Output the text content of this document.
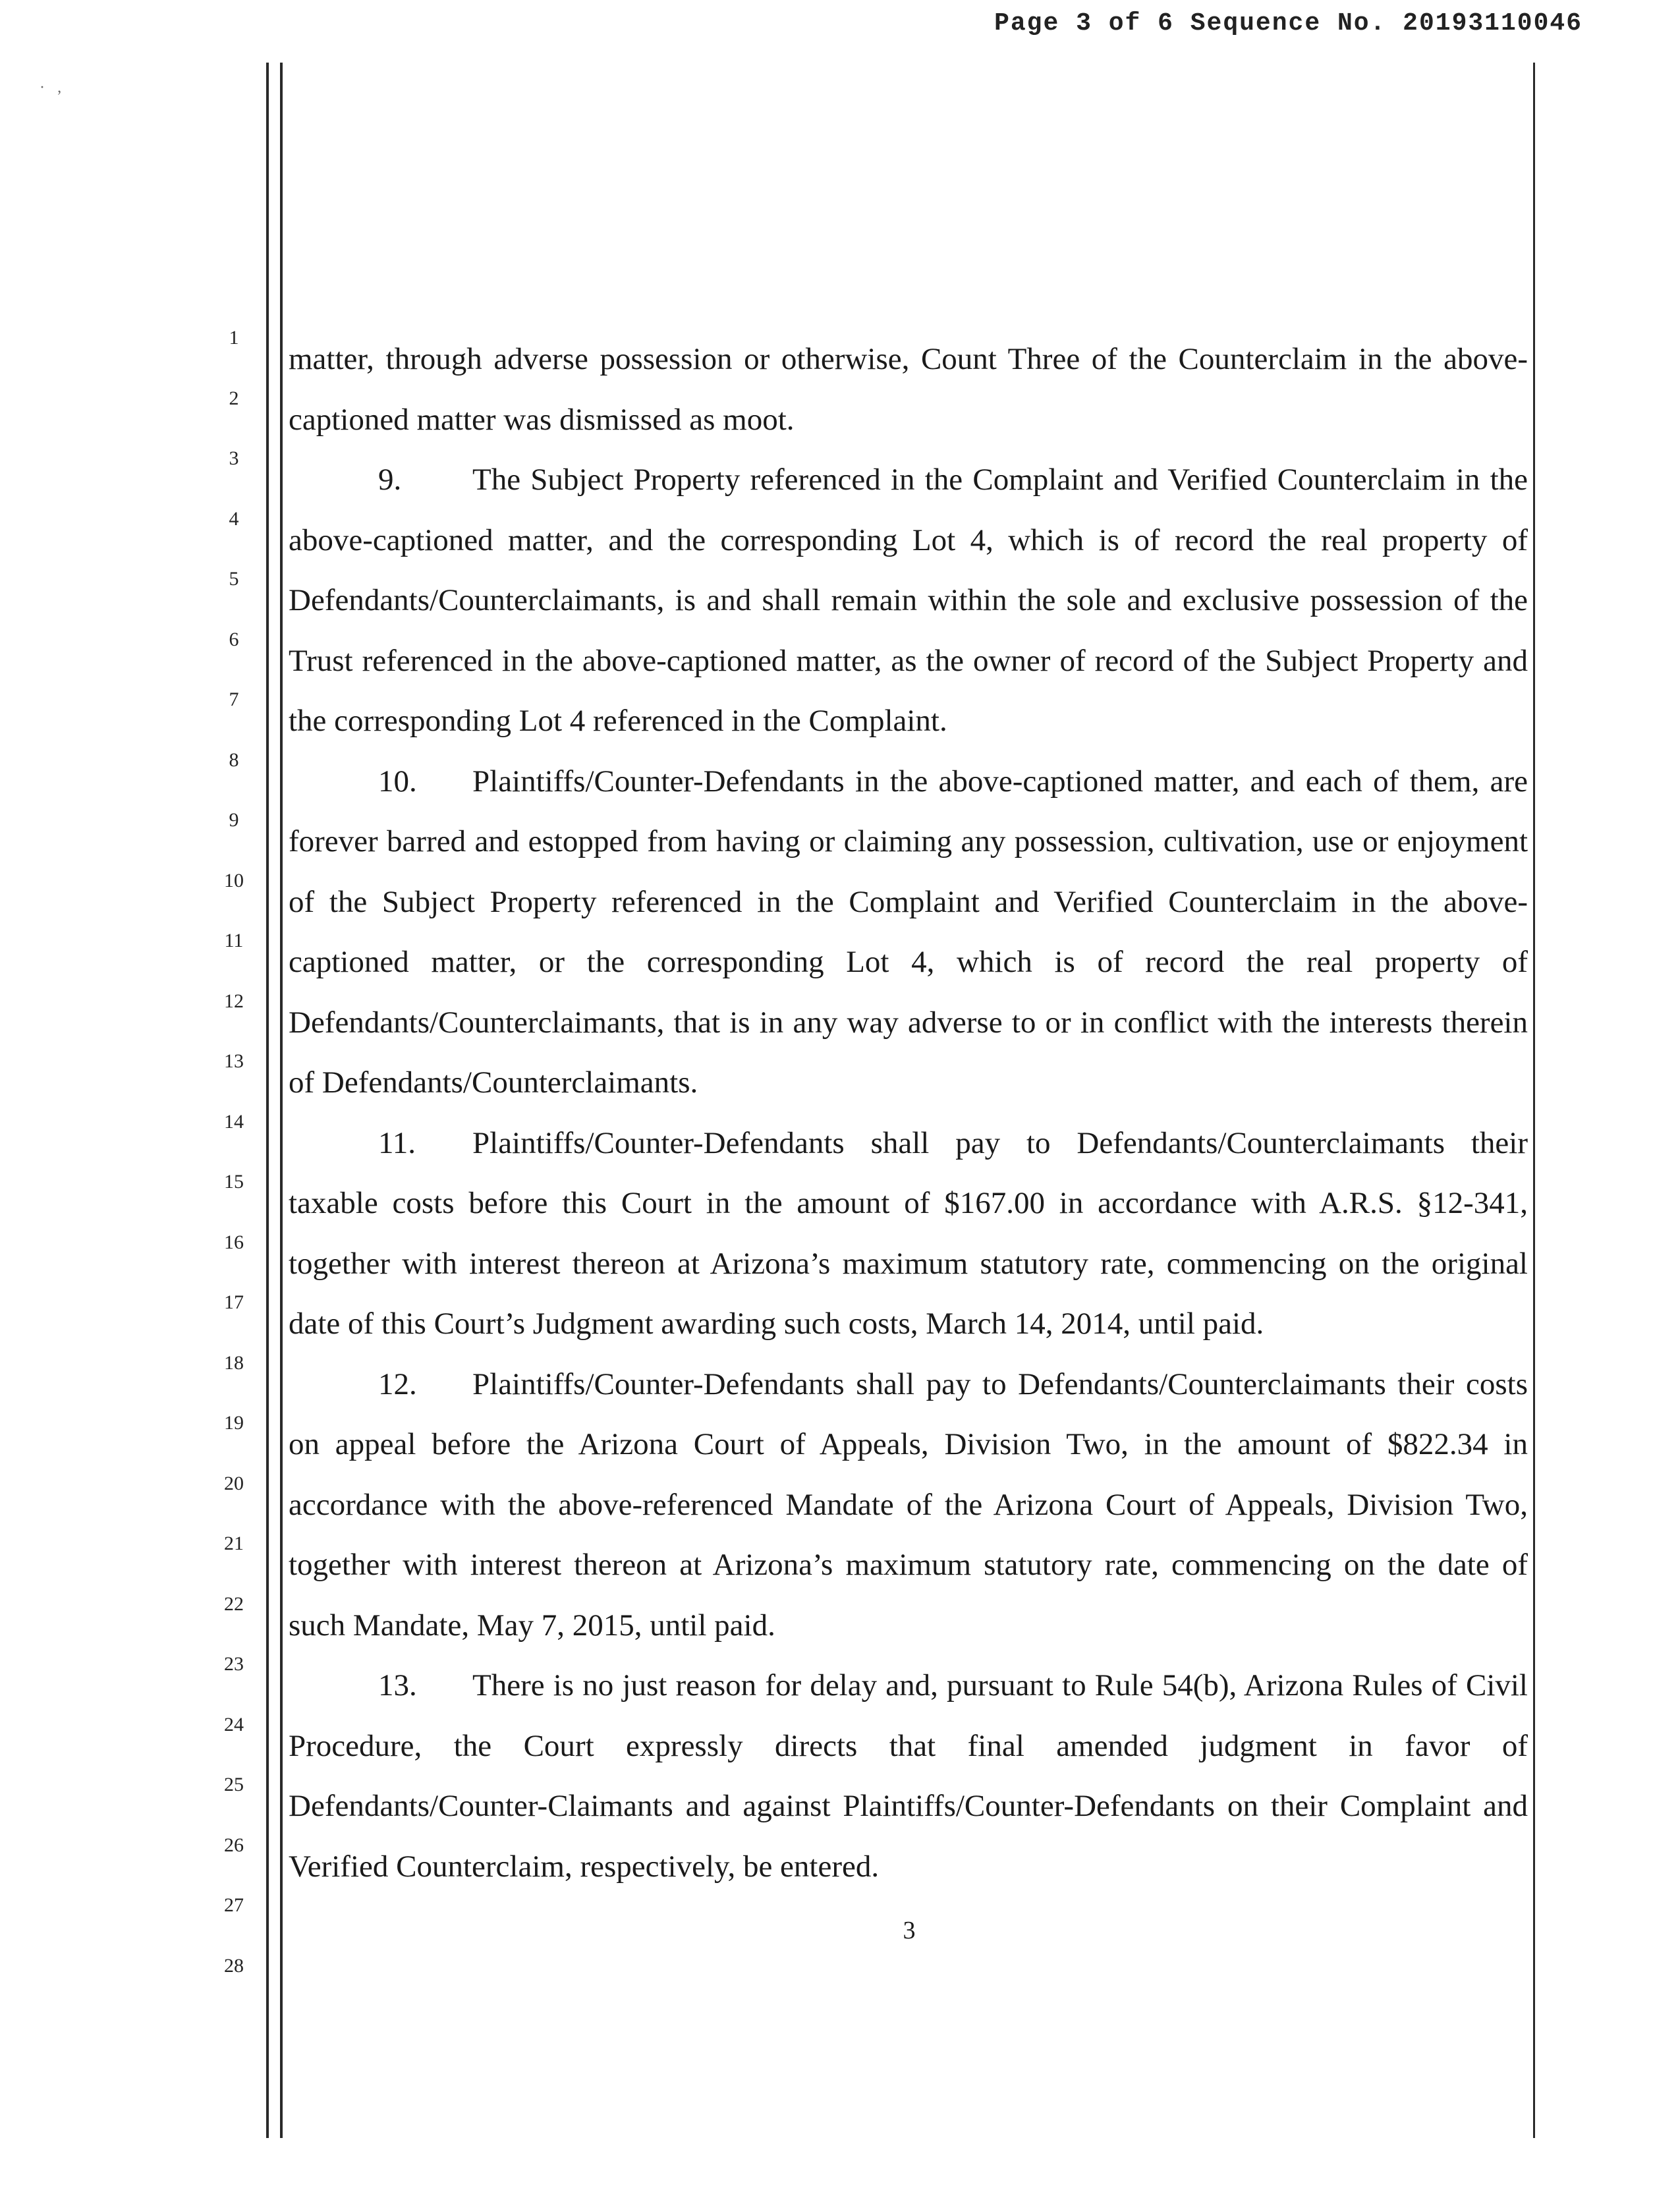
Page 3 of 6 Sequence No. 20193110046
·   ‚
1
2
3
4
5
6
7
8
9
10
11
12
13
14
15
16
17
18
19
20
21
22
23
24
25
26
27
28

matter, through adverse possession or otherwise, Count Three of the Counterclaim in the above-captioned matter was dismissed as moot.

9. The Subject Property referenced in the Complaint and Verified Counterclaim in the above-captioned matter, and the corresponding Lot 4, which is of record the real property of Defendants/Counterclaimants, is and shall remain within the sole and exclusive possession of the Trust referenced in the above-captioned matter, as the owner of record of the Subject Property and the corresponding Lot 4 referenced in the Complaint.

10. Plaintiffs/Counter-Defendants in the above-captioned matter, and each of them, are forever barred and estopped from having or claiming any possession, cultivation, use or enjoyment of the Subject Property referenced in the Complaint and Verified Counterclaim in the above-captioned matter, or the corresponding Lot 4, which is of record the real property of Defendants/Counterclaimants, that is in any way adverse to or in conflict with the interests therein of Defendants/Counterclaimants.

11. Plaintiffs/Counter-Defendants shall pay to Defendants/Counterclaimants their taxable costs before this Court in the amount of $167.00 in accordance with A.R.S. §12-341, together with interest thereon at Arizona’s maximum statutory rate, commencing on the original date of this Court’s Judgment awarding such costs, March 14, 2014, until paid.

12. Plaintiffs/Counter-Defendants shall pay to Defendants/Counterclaimants their costs on appeal before the Arizona Court of Appeals, Division Two, in the amount of $822.34 in accordance with the above-referenced Mandate of the Arizona Court of Appeals, Division Two, together with interest thereon at Arizona’s maximum statutory rate, commencing on the date of such Mandate, May 7, 2015, until paid.

13. There is no just reason for delay and, pursuant to Rule 54(b), Arizona Rules of Civil Procedure, the Court expressly directs that final amended judgment in favor of Defendants/Counter-Claimants and against Plaintiffs/Counter-Defendants on their Complaint and Verified Counterclaim, respectively, be entered.

3
